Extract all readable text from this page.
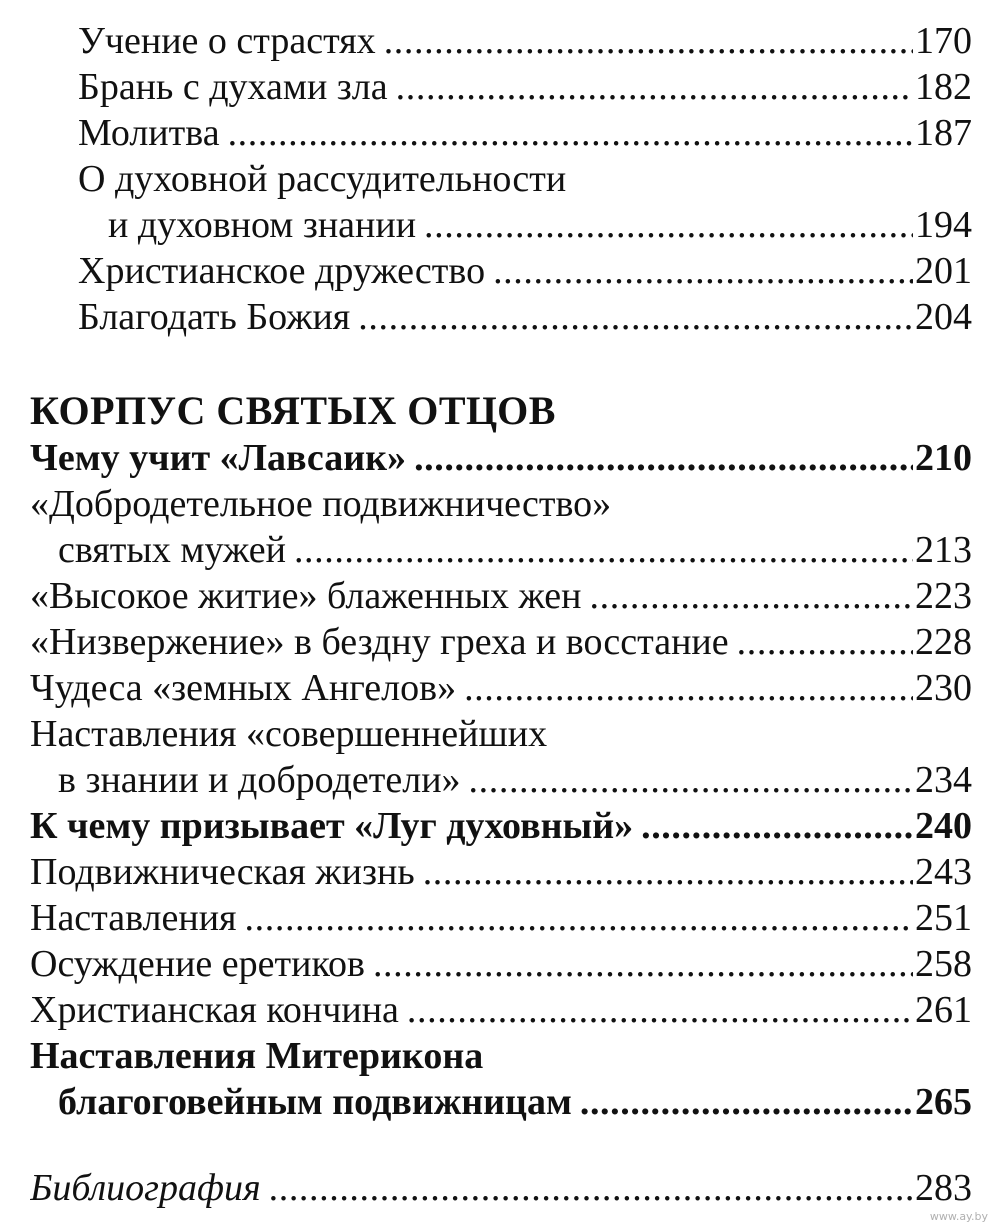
Учение о страстях .....	170
Брань с духами зла .....	182
Молитва .....	187
О духовной рассудительности
и духовном знании .....	194
Христианское дружество .....	201
Благодать Божия .....	204
КОРПУС СВЯТЫХ ОТЦОВ
Чему учит «Лавсаик» .....	210
«Добродетельное подвижничество»
святых мужей .....	213
«Высокое житие» блаженных жен .....	223
«Низвержение» в бездну греха и восстание .....	228
Чудеса «земных Ангелов» .....	230
Наставления «совершеннейших
в знании и добродетели» .....	234
К чему призывает «Луг духовный» .....	240
Подвижническая жизнь .....	243
Наставления .....	251
Осуждение еретиков .....	258
Христианская кончина .....	261
Наставления Митерикона
благоговейным подвижницам .....	265
Библиография .....	283
www.ay.by
